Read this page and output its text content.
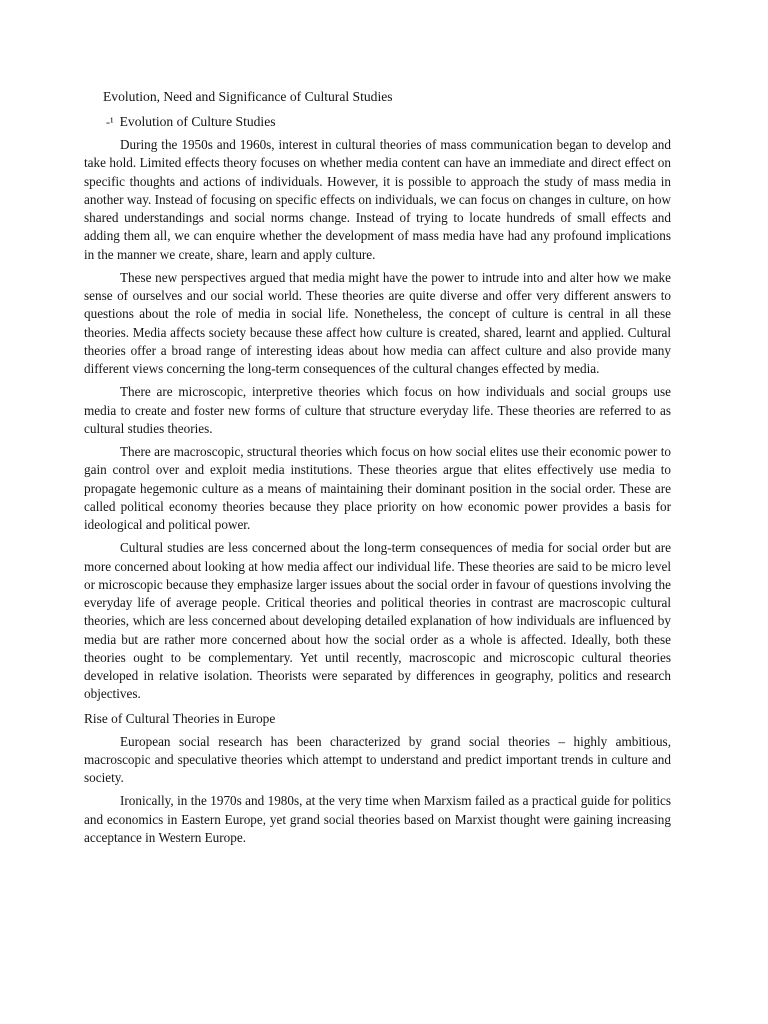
Evolution, Need and Significance of Cultural Studies
-¹ Evolution of Culture Studies

During the 1950s and 1960s, interest in cultural theories of mass communication began to develop and take hold. Limited effects theory focuses on whether media content can have an immediate and direct effect on specific thoughts and actions of individuals. However, it is possible to approach the study of mass media in another way. Instead of focusing on specific effects on individuals, we can focus on changes in culture, on how shared understandings and social norms change. Instead of trying to locate hundreds of small effects and adding them all, we can enquire whether the development of mass media have had any profound implications in the manner we create, share, learn and apply culture.

These new perspectives argued that media might have the power to intrude into and alter how we make sense of ourselves and our social world. These theories are quite diverse and offer very different answers to questions about the role of media in social life. Nonetheless, the concept of culture is central in all these theories. Media affects society because these affect how culture is created, shared, learnt and applied. Cultural theories offer a broad range of interesting ideas about how media can affect culture and also provide many different views concerning the long-term consequences of the cultural changes effected by media.

There are microscopic, interpretive theories which focus on how individuals and social groups use media to create and foster new forms of culture that structure everyday life. These theories are referred to as cultural studies theories.

There are macroscopic, structural theories which focus on how social elites use their economic power to gain control over and exploit media institutions. These theories argue that elites effectively use media to propagate hegemonic culture as a means of maintaining their dominant position in the social order. These are called political economy theories because they place priority on how economic power provides a basis for ideological and political power.

Cultural studies are less concerned about the long-term consequences of media for social order but are more concerned about looking at how media affect our individual life. These theories are said to be micro level or microscopic because they emphasize larger issues about the social order in favour of questions involving the everyday life of average people. Critical theories and political theories in contrast are macroscopic cultural theories, which are less concerned about developing detailed explanation of how individuals are influenced by media but are rather more concerned about how the social order as a whole is affected. Ideally, both these theories ought to be complementary. Yet until recently, macroscopic and microscopic cultural theories developed in relative isolation. Theorists were separated by differences in geography, politics and research objectives.

Rise of Cultural Theories in Europe

European social research has been characterized by grand social theories – highly ambitious, macroscopic and speculative theories which attempt to understand and predict important trends in culture and society.

Ironically, in the 1970s and 1980s, at the very time when Marxism failed as a practical guide for politics and economics in Eastern Europe, yet grand social theories based on Marxist thought were gaining increasing acceptance in Western Europe.
